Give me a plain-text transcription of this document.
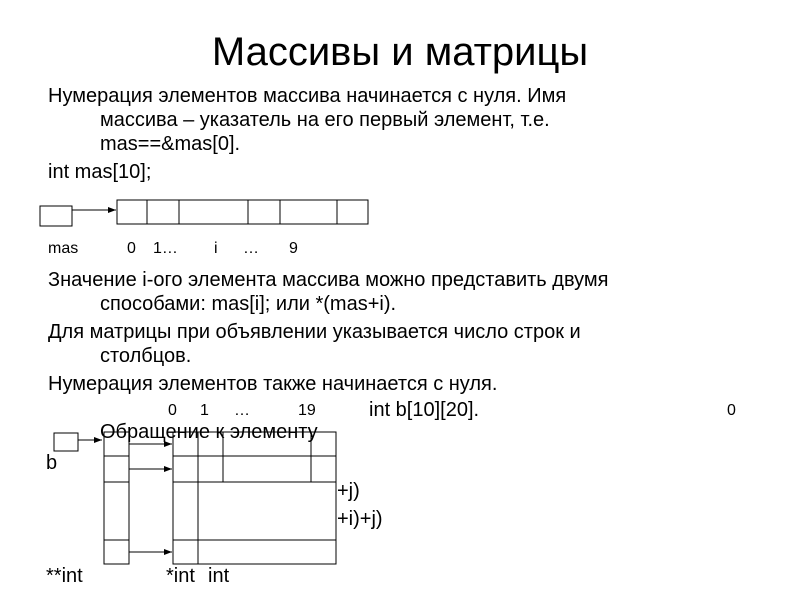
Массивы и матрицы
Нумерация элементов массива начинается с нуля. Имя
массива – указатель на его первый элемент, т.е.
mas==&mas[0].
int mas[10];
mas	0 1… i … 9
Значение i-ого элемента массива можно представить двумя
способами: mas[i]; или *(mas+i).
Для матрицы при объявлении указывается число строк и
столбцов.
Нумерация элементов также начинается с нуля.
0 1 …	19	int b[10][20].	0
Обращение к элементу
b
+j)
+i)+j)
**int	*int int
